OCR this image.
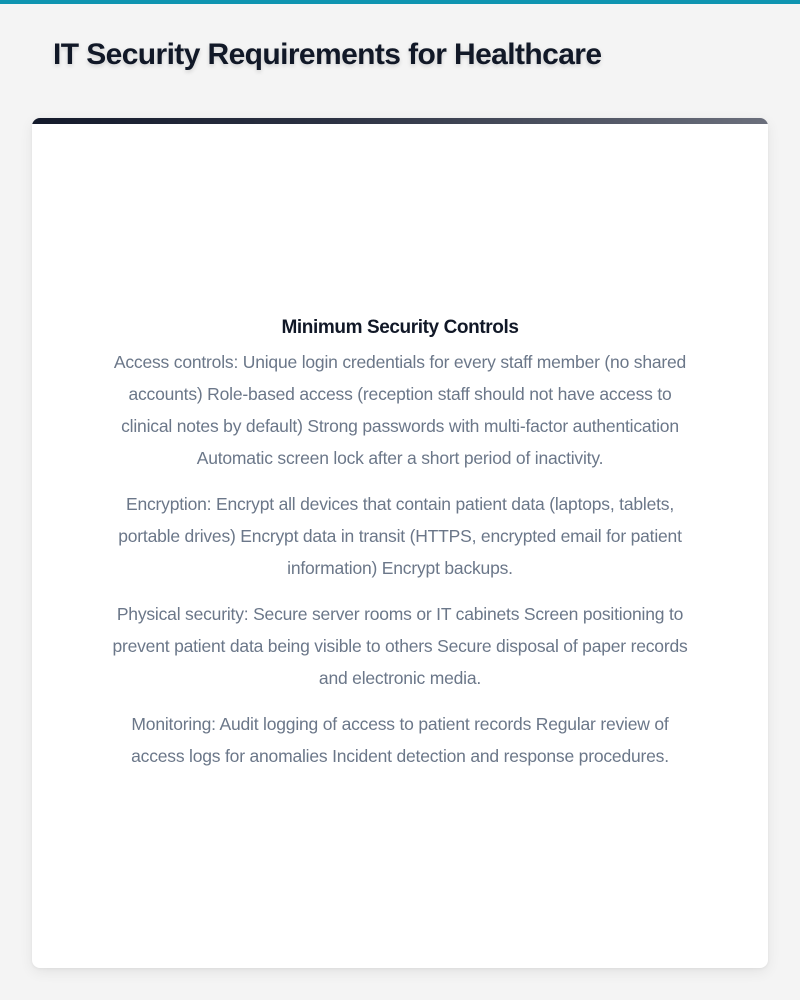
IT Security Requirements for Healthcare
Minimum Security Controls

Access controls: Unique login credentials for every staff member (no shared accounts) Role-based access (reception staff should not have access to clinical notes by default) Strong passwords with multi-factor authentication Automatic screen lock after a short period of inactivity.

Encryption: Encrypt all devices that contain patient data (laptops, tablets, portable drives) Encrypt data in transit (HTTPS, encrypted email for patient information) Encrypt backups.

Physical security: Secure server rooms or IT cabinets Screen positioning to prevent patient data being visible to others Secure disposal of paper records and electronic media.

Monitoring: Audit logging of access to patient records Regular review of access logs for anomalies Incident detection and response procedures.
